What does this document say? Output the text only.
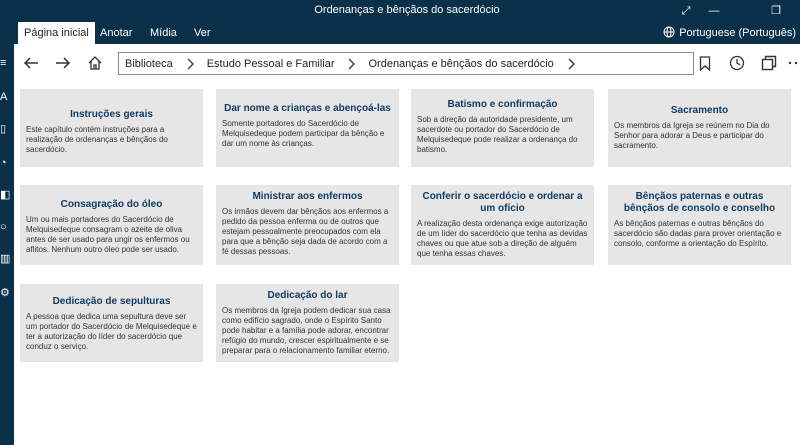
≡
A
▯
◔
◧
○
▥
⚙
Ordenanças e bênçãos do sacerdócio	⤢	—	❐
Página inicial	Anotar	Mídia	Ver	Portuguese (Português)
Biblioteca	Estudo Pessoal e Familiar	Ordenanças e bênçãos do sacerdócio
Instruções gerais

Este capítulo contém instruções para a realização de ordenanças e bênçãos do sacerdócio.

Dar nome a crianças e abençoá-las

Somente portadores do Sacerdócio de Melquisedeque podem participar da bênção e dar um nome às crianças.

Batismo e confirmação

Sob a direção da autoridade presidente, um sacerdote ou portador do Sacerdócio de Melquisedeque pode realizar a ordenança do batismo.

Sacramento

Os membros da Igreja se reúnem no Dia do Senhor para adorar a Deus e participar do sacramento.

Consagração do óleo

Um ou mais portadores do Sacerdócio de Melquisedeque consagram o azeite de oliva antes de ser usado para ungir os enfermos ou aflitos. Nenhum outro óleo pode ser usado.

Ministrar aos enfermos

Os irmãos devem dar bênçãos aos enfermos a pedido da pessoa enferma ou de outros que estejam pessoalmente preocupados com ela para que a bênção seja dada de acordo com a fé dessas pessoas.

Conferir o sacerdócio e ordenar a um ofício

A realização desta ordenança exige autorização de um líder do sacerdócio que tenha as devidas chaves ou que atue sob a direção de alguém que tenha essas chaves.

Bênçãos paternas e outras bênçãos de consolo e conselho

As bênçãos paternas e outras bênçãos do sacerdócio são dadas para prover orientação e consolo, conforme a orientação do Espírito.

Dedicação de sepulturas

A pessoa que dedica uma sepultura deve ser um portador do Sacerdócio de Melquisedeque e ter a autorização do líder do sacerdócio que conduz o serviço.

Dedicação do lar

Os membros da Igreja podem dedicar sua casa como edifício sagrado, onde o Espírito Santo pode habitar e a família pode adorar, encontrar refúgio do mundo, crescer espiritualmente e se preparar para o relacionamento familiar eterno.
